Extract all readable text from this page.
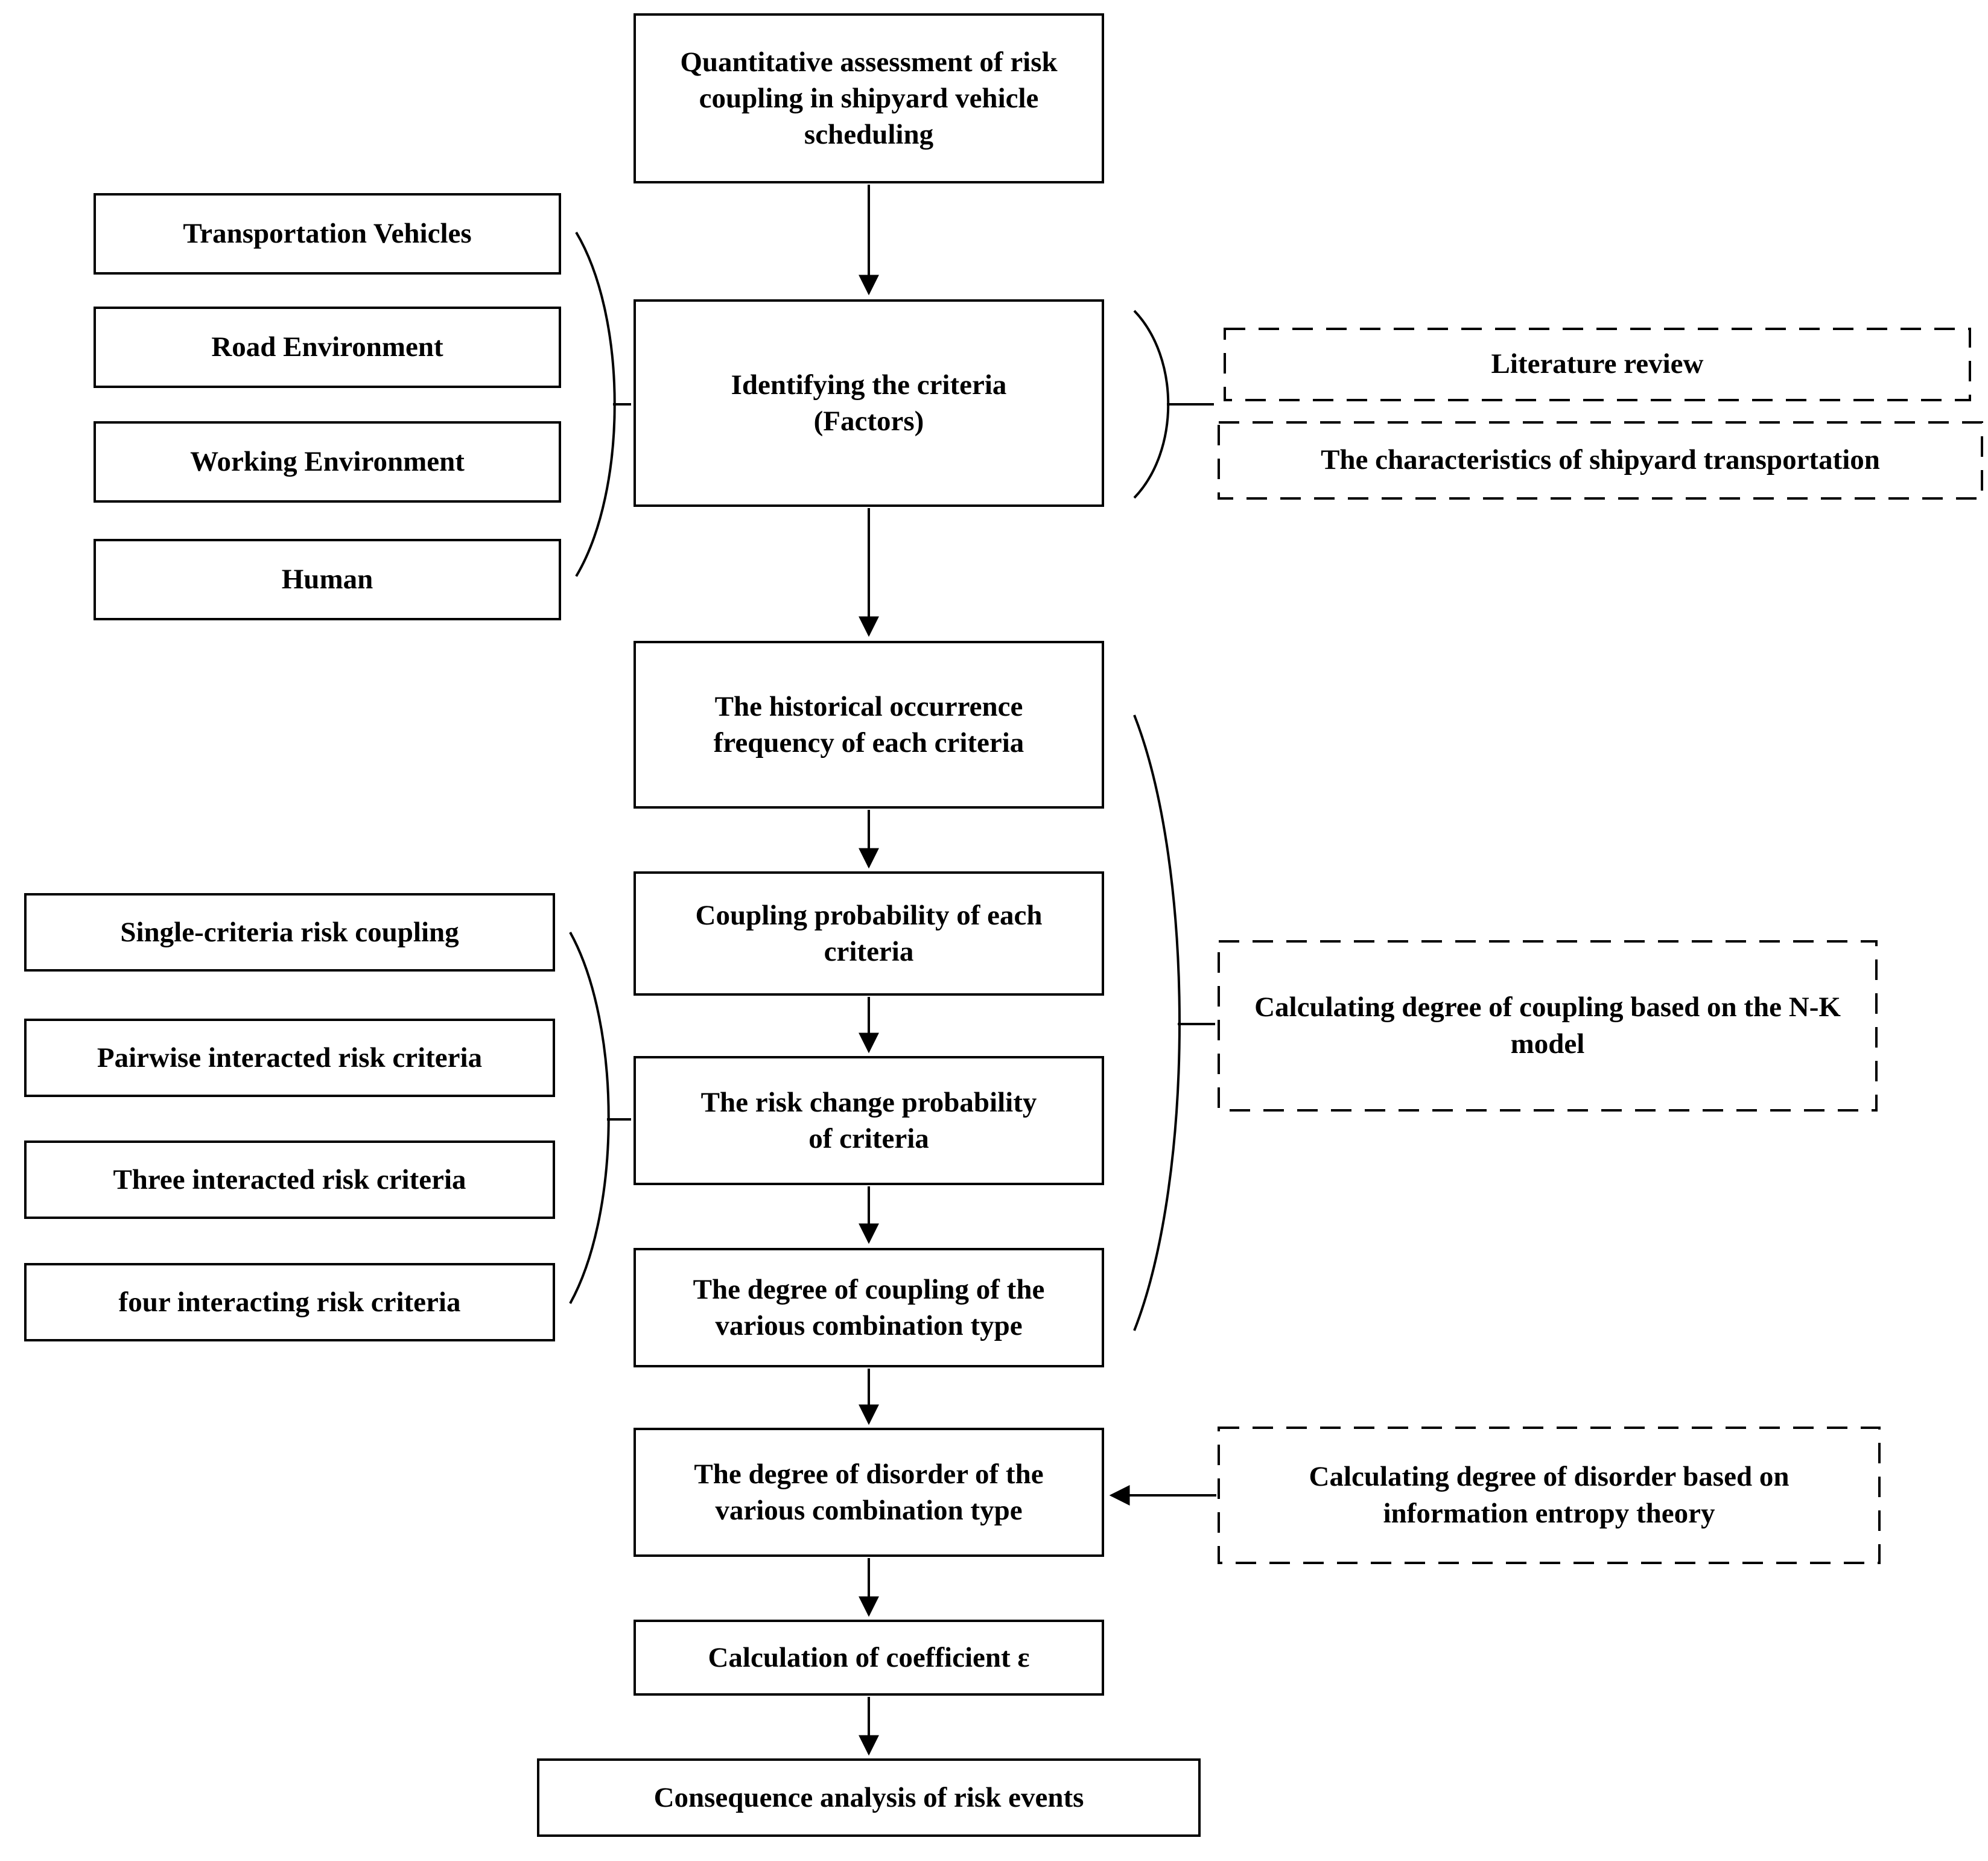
Quantitative assessment of risk coupling in shipyard vehicle scheduling
Identifying the criteria (Factors)
The historical occurrence frequency of each criteria
Coupling probability of each criteria
The risk change probability of criteria
The degree of coupling of the various combination type
The degree of disorder of the various combination type
Calculation of coefficient ε
Consequence analysis of risk events
Transportation Vehicles
Road Environment
Working Environment
Human
Single-criteria risk coupling
Pairwise interacted risk criteria
Three interacted risk criteria
four interacting risk criteria
Literature review
The characteristics of shipyard transportation
Calculating degree of coupling based on the N-K model
Calculating degree of disorder based on information entropy theory
